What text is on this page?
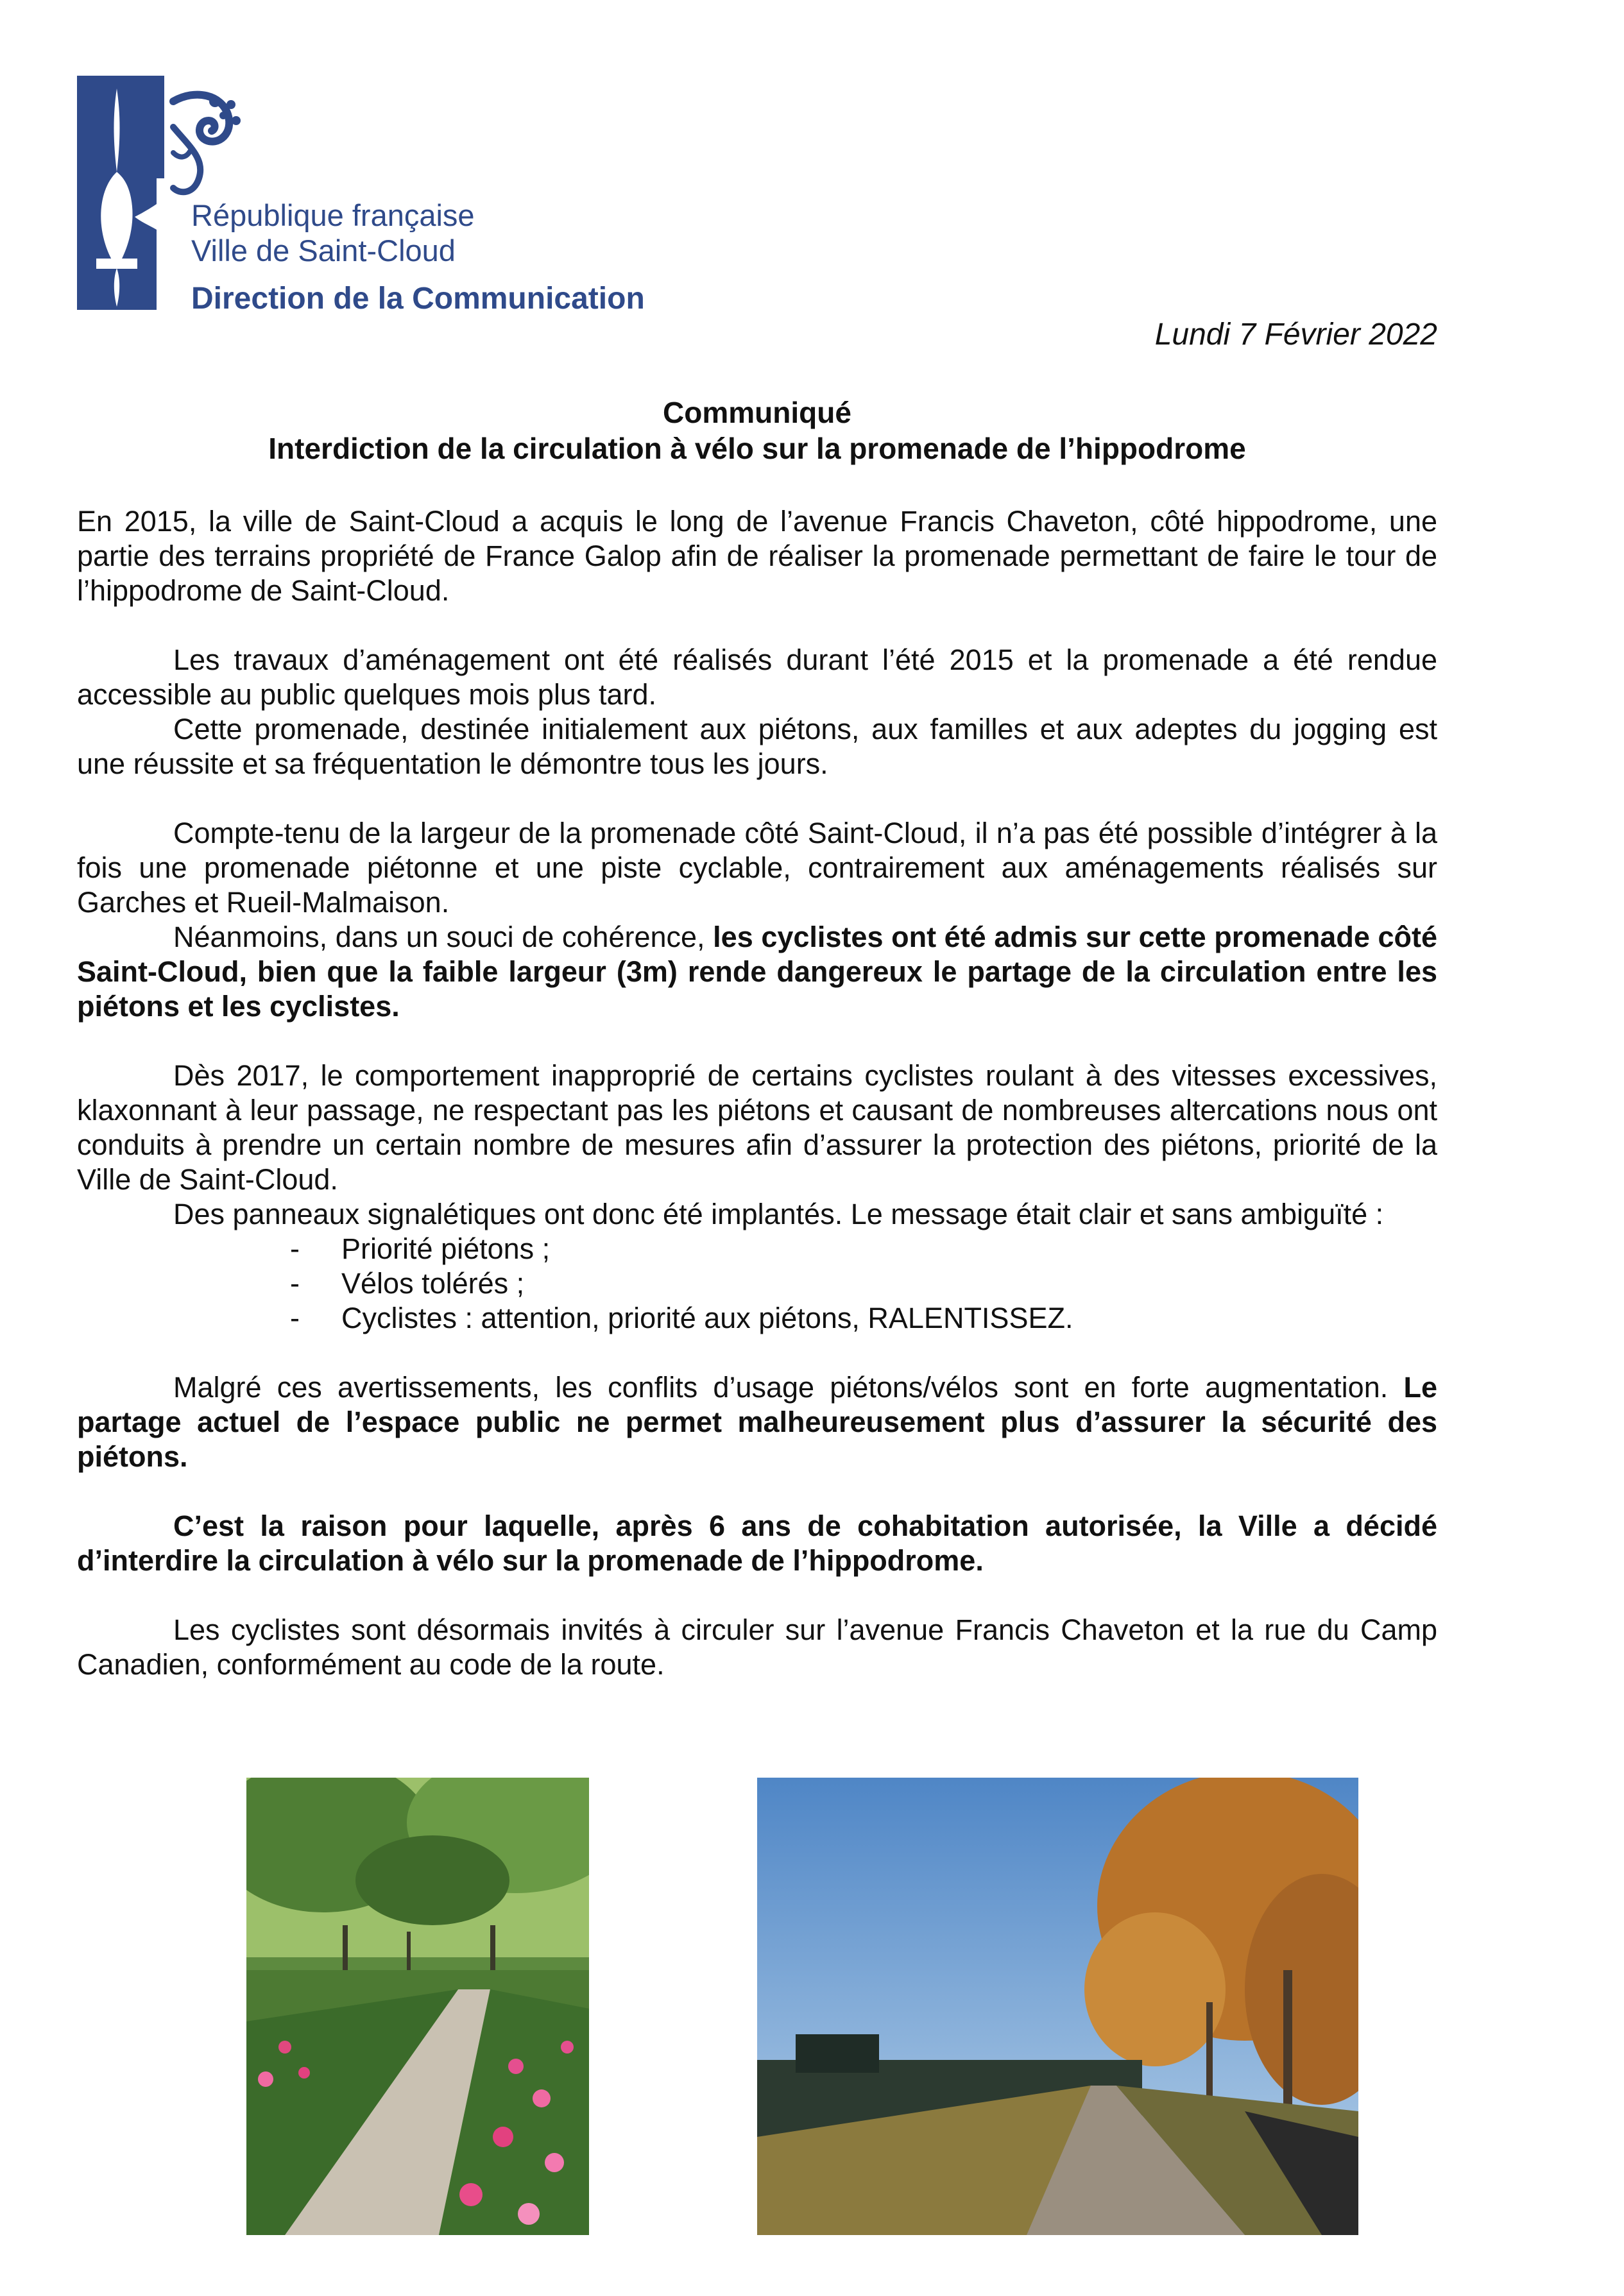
République française
Ville de Saint-Cloud
Direction de la Communication
Lundi 7 Février 2022
Communiqué
Interdiction de la circulation à vélo sur la promenade de l’hippodrome

En 2015, la ville de Saint-Cloud a acquis le long de l’avenue Francis Chaveton, côté hippodrome, une partie des terrains propriété de France Galop afin de réaliser la promenade permettant de faire le tour de l’hippodrome de Saint-Cloud.

Les travaux d’aménagement ont été réalisés durant l’été 2015 et la promenade a été rendue accessible au public quelques mois plus tard.

Cette promenade, destinée initialement aux piétons, aux familles et aux adeptes du jogging est une réussite et sa fréquentation le démontre tous les jours.

Compte-tenu de la largeur de la promenade côté Saint-Cloud, il n’a pas été possible d’intégrer à la fois une promenade piétonne et une piste cyclable, contrairement aux aménagements réalisés sur Garches et Rueil-Malmaison.

Néanmoins, dans un souci de cohérence, les cyclistes ont été admis sur cette promenade côté Saint-Cloud, bien que la faible largeur (3m) rende dangereux le partage de la circulation entre les piétons et les cyclistes.

Dès 2017, le comportement inapproprié de certains cyclistes roulant à des vitesses excessives, klaxonnant à leur passage, ne respectant pas les piétons et causant de nombreuses altercations nous ont conduits à prendre un certain nombre de mesures afin d’assurer la protection des piétons, priorité de la Ville de Saint-Cloud.

Des panneaux signalétiques ont donc été implantés. Le message était clair et sans ambiguïté :

- Priorité piétons ;
- Vélos tolérés ;
- Cyclistes : attention, priorité aux piétons, RALENTISSEZ.

Malgré ces avertissements, les conflits d’usage piétons/vélos sont en forte augmentation. Le partage actuel de l’espace public ne permet malheureusement plus d’assurer la sécurité des piétons.

C’est la raison pour laquelle, après 6 ans de cohabitation autorisée, la Ville a décidé d’interdire la circulation à vélo sur la promenade de l’hippodrome.

Les cyclistes sont désormais invités à circuler sur l’avenue Francis Chaveton et la rue du Camp Canadien, conformément au code de la route.
